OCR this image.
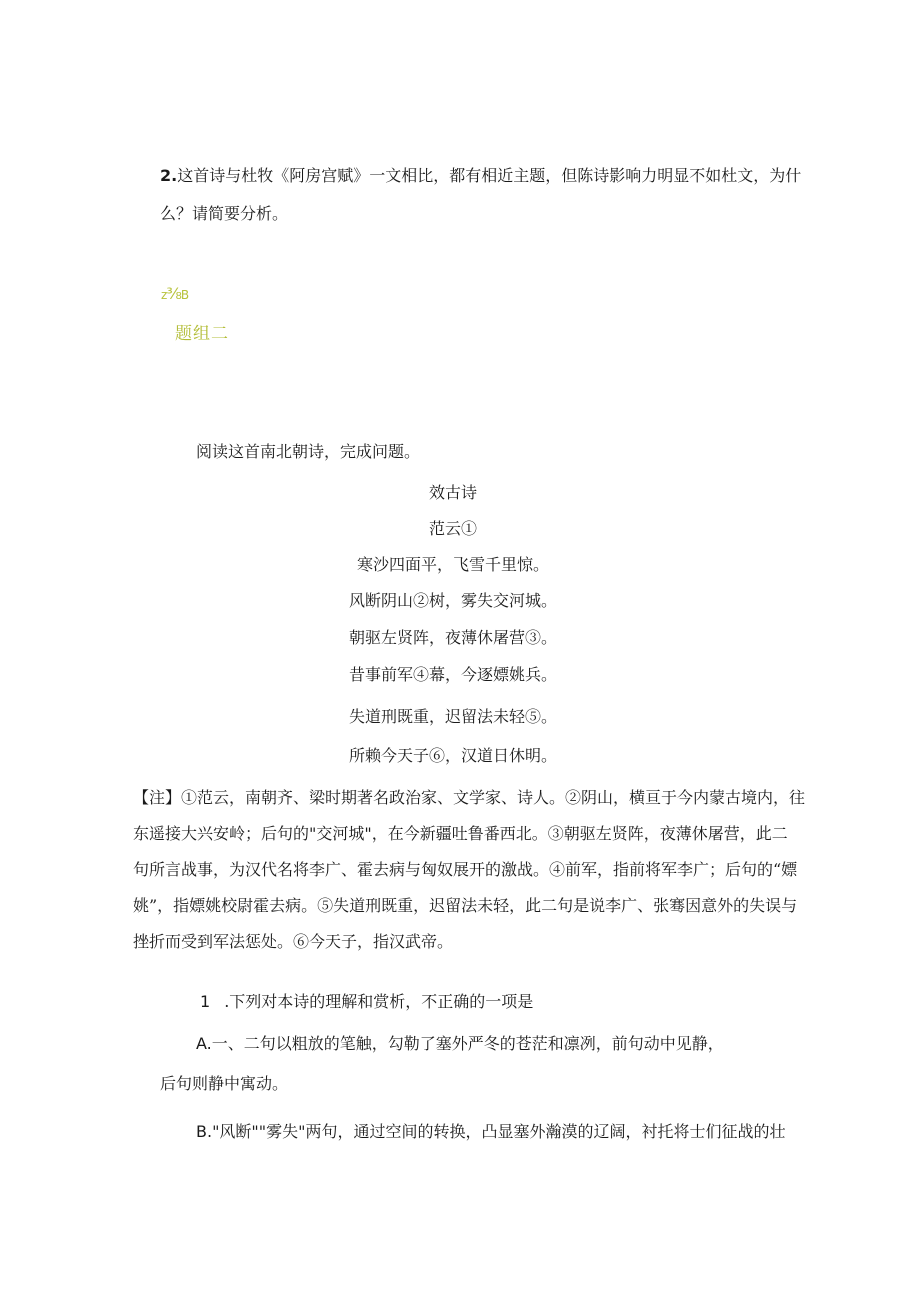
2.这首诗与杜牧《阿房宫赋》一文相比，都有相近主题，但陈诗影响力明显不如杜文，为什

么？请简要分析。

z⅜B
题组二

阅读这首南北朝诗，完成问题。

效古诗
范云①
寒沙四面平，飞雪千里惊。
风断阴山②树，雾失交河城。
朝驱左贤阵，夜薄休屠营③。
昔事前军④幕，今逐嫖姚兵。
失道刑既重，迟留法未轻⑤。
所赖今天子⑥，汉道日休明。

【注】①范云，南朝齐、梁时期著名政治家、文学家、诗人。②阴山，横亘于今内蒙古境内，往

东遥接大兴安岭；后句的"交河城"，在今新疆吐鲁番西北。③朝驱左贤阵，夜薄休屠营，此二

句所言战事，为汉代名将李广、霍去病与匈奴展开的激战。④前军，指前将军李广；后句的“嫖

姚”，指嫖姚校尉霍去病。⑤失道刑既重，迟留法未轻，此二句是说李广、张骞因意外的失误与

挫折而受到军法惩处。⑥今天子，指汉武帝。

1 .下列对本诗的理解和赏析，不正确的一项是

A.一、二句以粗放的笔触，勾勒了塞外严冬的苍茫和凛冽，前句动中见静，

后句则静中寓动。

B."风断""雾失"两句，通过空间的转换，凸显塞外瀚漠的辽阔，衬托将士们征战的壮
